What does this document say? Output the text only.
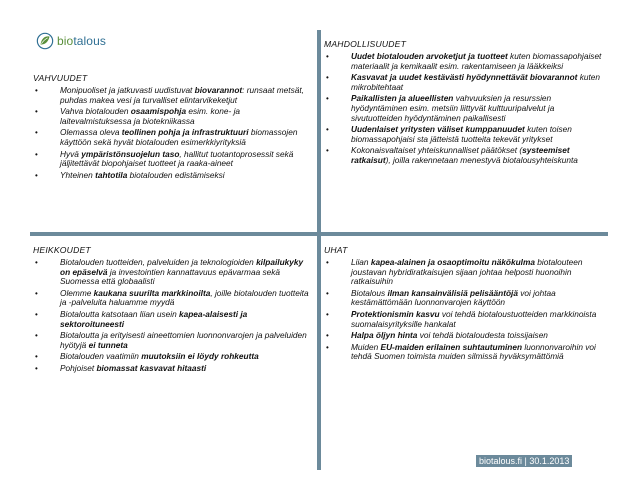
biotalous
VAHVUUDET
•	Monipuoliset ja jatkuvasti uudistuvat biovarannot: runsaat metsät, puhdas makea vesi ja turvalliset elintarvikeketjut
•	Vahva biotalouden osaamispohja esim. kone- ja laitevalmistuksessa ja biotekniikassa
•	Olemassa oleva teollinen pohja ja infrastruktuuri biomassojen käyttöön sekä hyvät biotalouden esimerkkiyrityksiä
•	Hyvä ympäristönsuojelun taso, hallitut tuotantoprosessit sekä jäljitettävät biopohjaiset tuotteet ja raaka-aineet
•	Yhteinen tahtotila biotalouden edistämiseksi
MAHDOLLISUUDET
•	Uudet biotalouden arvoketjut ja tuotteet kuten biomassapohjaiset materiaalit ja kemikaalit esim. rakentamiseen ja lääkkeiksi
•	Kasvavat ja uudet kestävästi hyödynnettävät biovarannot kuten mikrobitehtaat
•	Paikallisten ja alueellisten vahvuuksien ja resurssien hyödyntäminen esim. metsiin liittyvät kulttuuripalvelut ja sivutuotteiden hyödyntäminen paikallisesti
•	Uudenlaiset yritysten väliset kumppanuudet kuten toisen biomassapohjaisi sta jätteistä tuotteita tekevät yritykset
•	Kokonaisvaltaiset yhteiskunnalliset päätökset (systeemiset ratkaisut), joilla rakennetaan menestyvä biotalousyhteiskunta
HEIKKOUDET
•	Biotalouden tuotteiden, palveluiden ja teknologioiden kilpailukyky on epäselvä ja investointien kannattavuus epävarmaa sekä Suomessa että globaalisti
•	Olemme kaukana suurilta markkinoilta, joille biotalouden tuotteita ja -palveluita haluamme myydä
•	Biotaloutta katsotaan liian usein kapea-alaisesti ja sektoroituneesti
•	Biotaloutta ja erityisesti aineettomien luonnonvarojen ja palveluiden hyötyjä ei tunneta
•	Biotalouden vaatimiin muutoksiin ei löydy rohkeutta
•	Pohjoiset biomassat kasvavat hitaasti
UHAT
•	Liian kapea-alainen ja osaoptimoitu näkökulma biotalouteen joustavan hybridiratkaisujen sijaan johtaa helposti huonoihin ratkaisuihin
•	Biotalous ilman kansainvälisiä pelisääntöjä voi johtaa kestämättömään luonnonvarojen käyttöön
•	Protektionismin kasvu voi tehdä biotaloustuotteiden markkinoista suomalaisyrityksille hankalat
•	Halpa öljyn hinta voi tehdä biotaloudesta toissijaisen
•	Muiden EU-maiden erilainen suhtautuminen luonnonvaroihin voi tehdä Suomen toimista muiden silmissä hyväksymättömiä
biotalous.fi | 30.1.2013
